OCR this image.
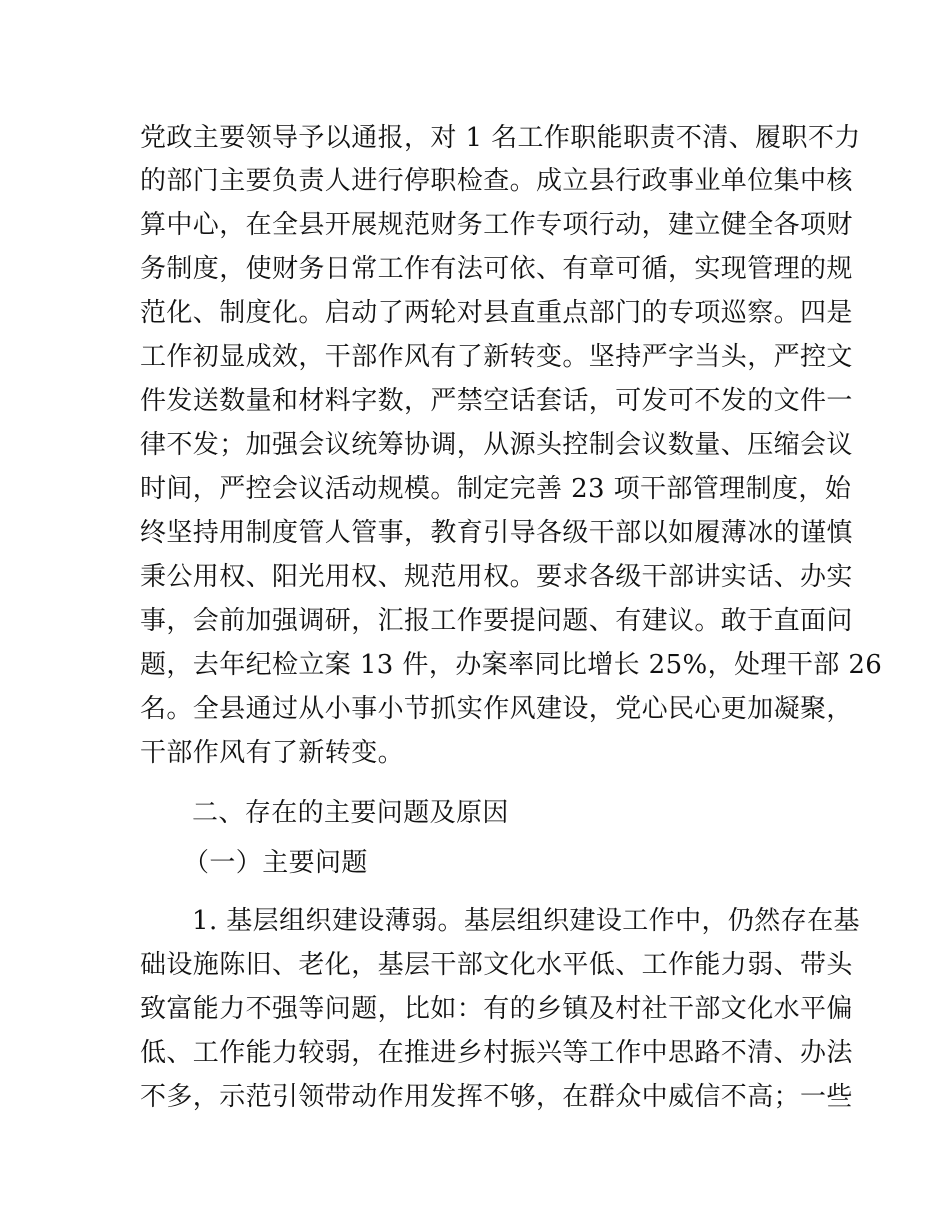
党政主要领导予以通报，对 1 名工作职能职责不清、履职不力
的部门主要负责人进行停职检查。成立县行政事业单位集中核
算中心，在全县开展规范财务工作专项行动，建立健全各项财
务制度，使财务日常工作有法可依、有章可循，实现管理的规
范化、制度化。启动了两轮对县直重点部门的专项巡察。四是
工作初显成效，干部作风有了新转变。坚持严字当头，严控文
件发送数量和材料字数，严禁空话套话，可发可不发的文件一
律不发；加强会议统筹协调，从源头控制会议数量、压缩会议
时间，严控会议活动规模。制定完善 23 项干部管理制度，始
终坚持用制度管人管事，教育引导各级干部以如履薄冰的谨慎
秉公用权、阳光用权、规范用权。要求各级干部讲实话、办实
事，会前加强调研，汇报工作要提问题、有建议。敢于直面问
题，去年纪检立案 13 件，办案率同比增长 25%，处理干部 26
名。全县通过从小事小节抓实作风建设，党心民心更加凝聚，
干部作风有了新转变。
二、存在的主要问题及原因
（一）主要问题
1. 基层组织建设薄弱。基层组织建设工作中，仍然存在基
础设施陈旧、老化，基层干部文化水平低、工作能力弱、带头
致富能力不强等问题，比如：有的乡镇及村社干部文化水平偏
低、工作能力较弱，在推进乡村振兴等工作中思路不清、办法
不多，示范引领带动作用发挥不够，在群众中威信不高；一些
